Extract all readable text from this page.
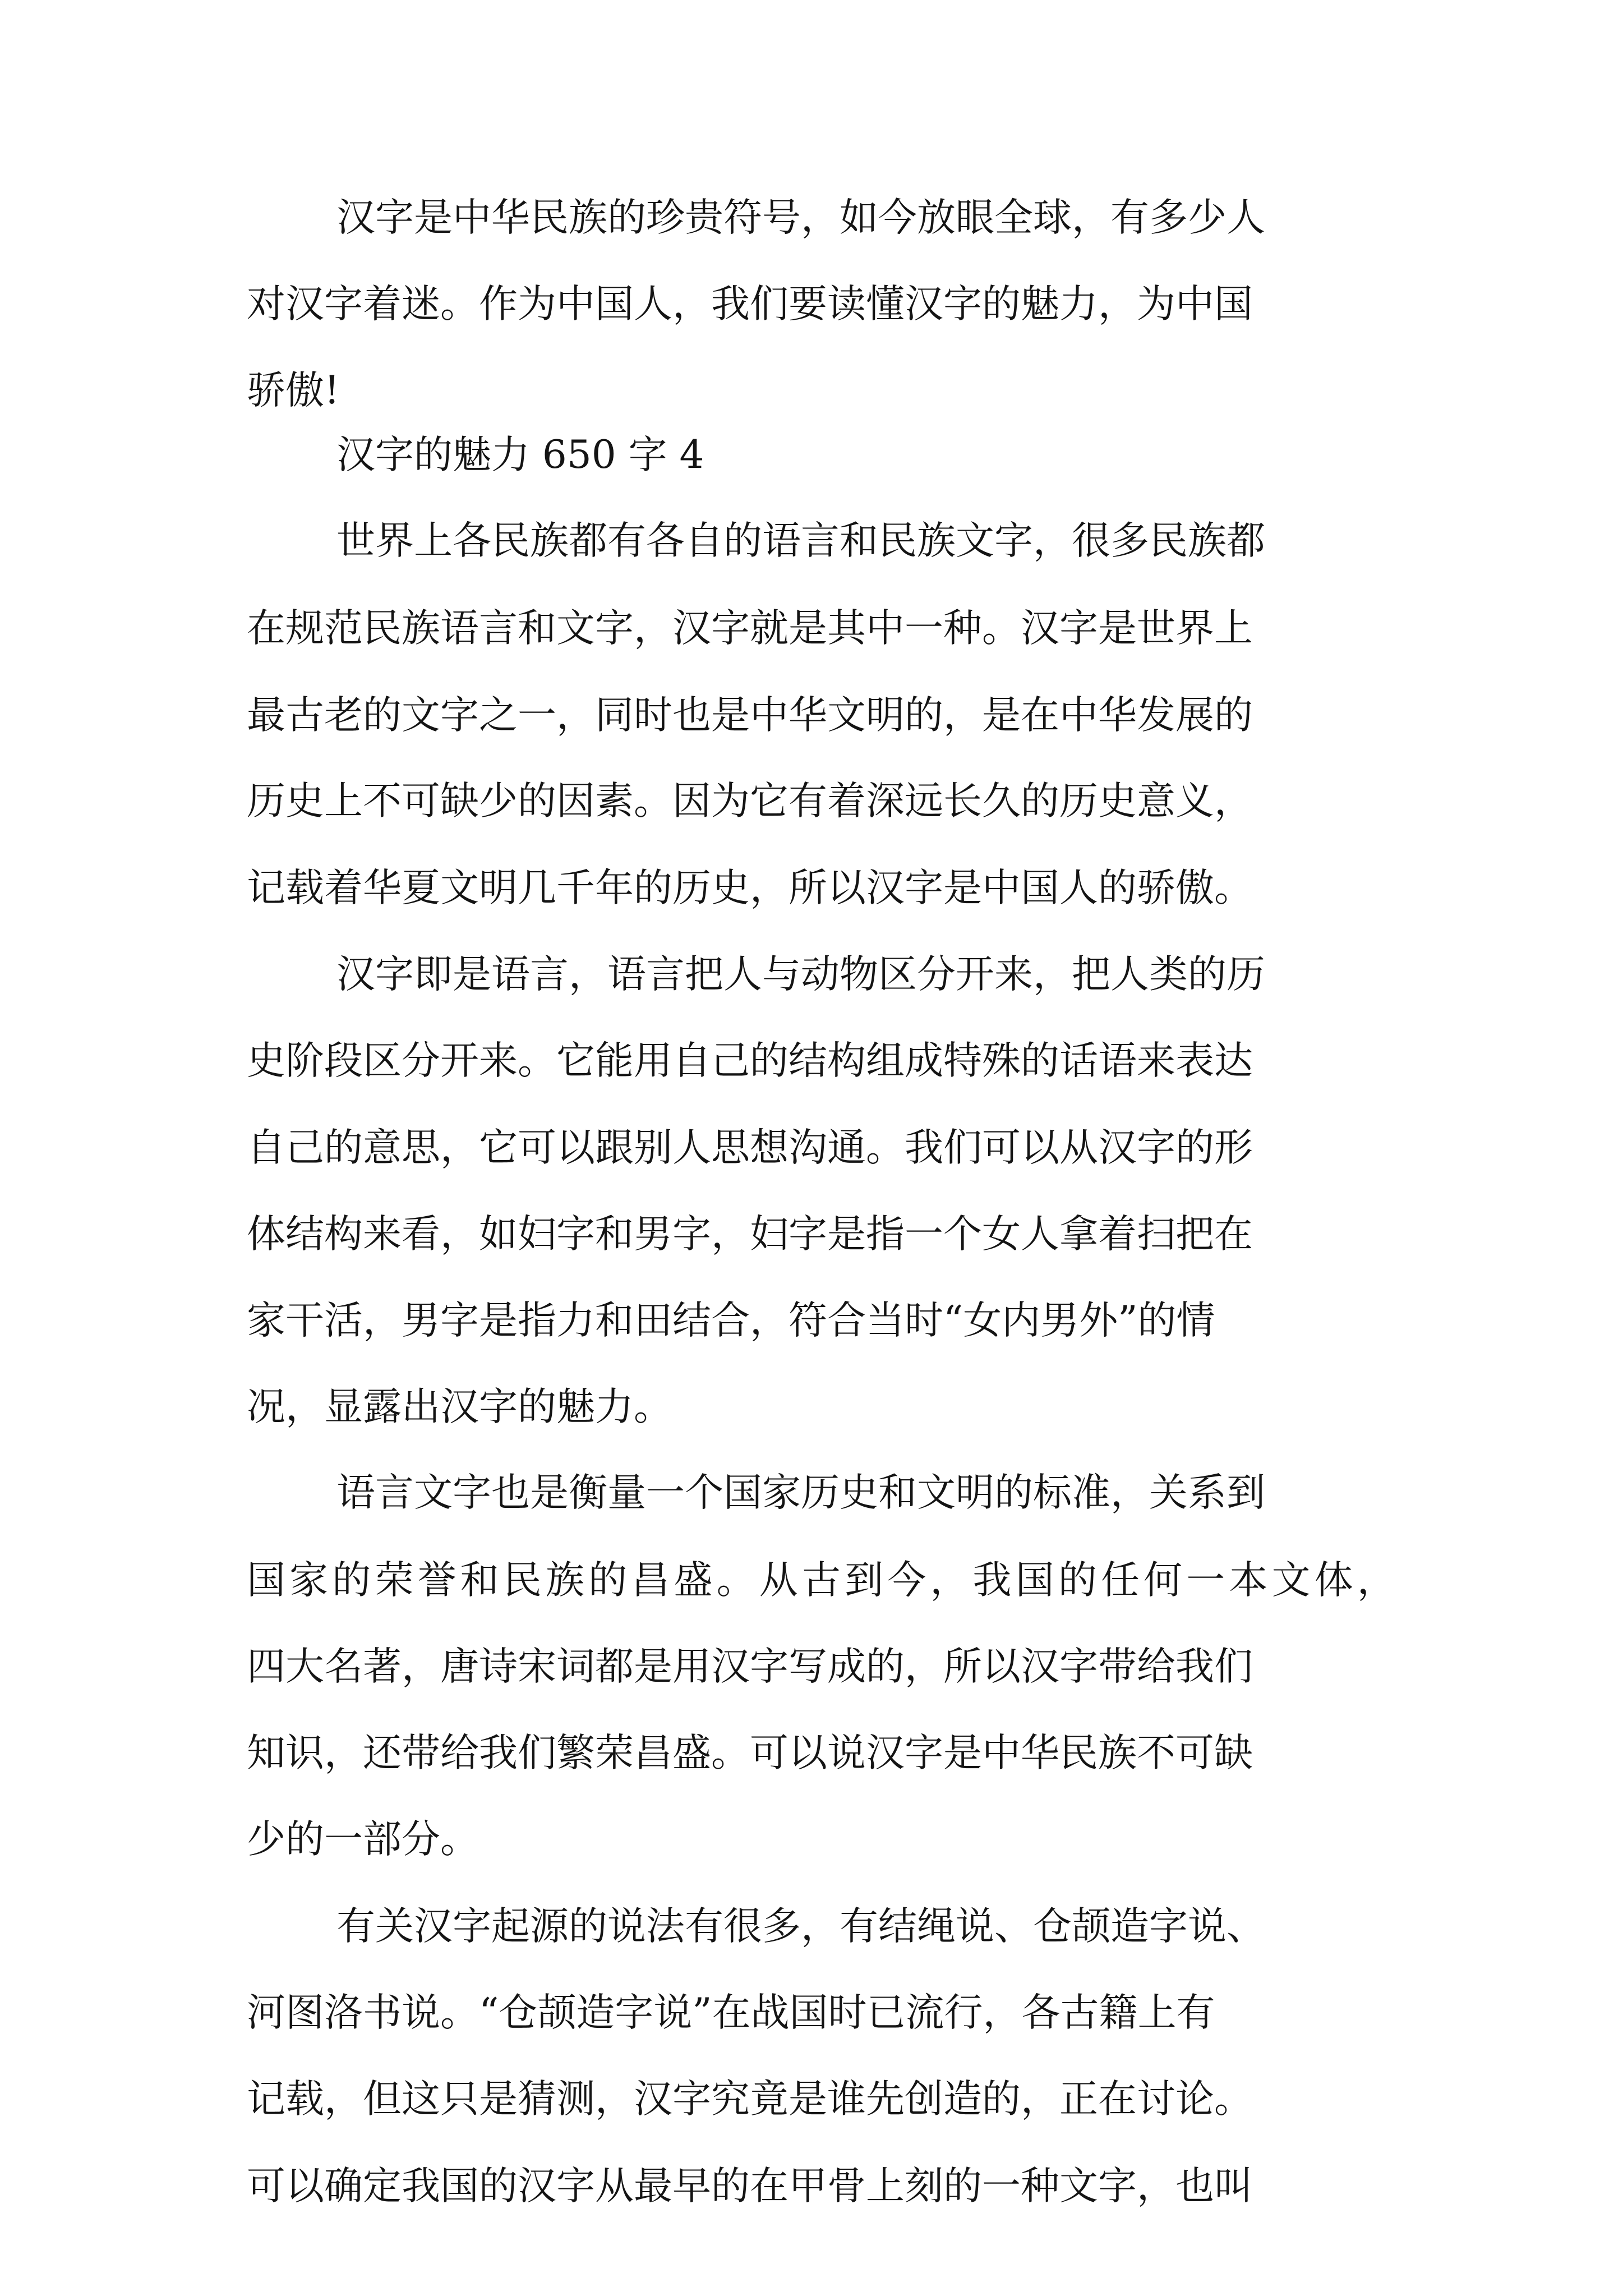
汉字是中华民族的珍贵符号，如今放眼全球，有多少人
对汉字着迷。作为中国人，我们要读懂汉字的魅力，为中国
骄傲!
汉字的魅力 650 字 4
世界上各民族都有各自的语言和民族文字，很多民族都
在规范民族语言和文字，汉字就是其中一种。汉字是世界上
最古老的文字之一，同时也是中华文明的，是在中华发展的
历史上不可缺少的因素。因为它有着深远长久的历史意义，
记载着华夏文明几千年的历史，所以汉字是中国人的骄傲。
汉字即是语言，语言把人与动物区分开来，把人类的历
史阶段区分开来。它能用自己的结构组成特殊的话语来表达
自己的意思，它可以跟别人思想沟通。我们可以从汉字的形
体结构来看，如妇字和男字，妇字是指一个女人拿着扫把在
家干活，男字是指力和田结合，符合当时“女内男外”的情
况，显露出汉字的魅力。
语言文字也是衡量一个国家历史和文明的标准，关系到
国家的荣誉和民族的昌盛。从古到今，我国的任何一本文体，
四大名著，唐诗宋词都是用汉字写成的，所以汉字带给我们
知识，还带给我们繁荣昌盛。可以说汉字是中华民族不可缺
少的一部分。
有关汉字起源的说法有很多，有结绳说、仓颉造字说、
河图洛书说。“仓颉造字说”在战国时已流行，各古籍上有
记载，但这只是猜测，汉字究竟是谁先创造的，正在讨论。
可以确定我国的汉字从最早的在甲骨上刻的一种文字，也叫
